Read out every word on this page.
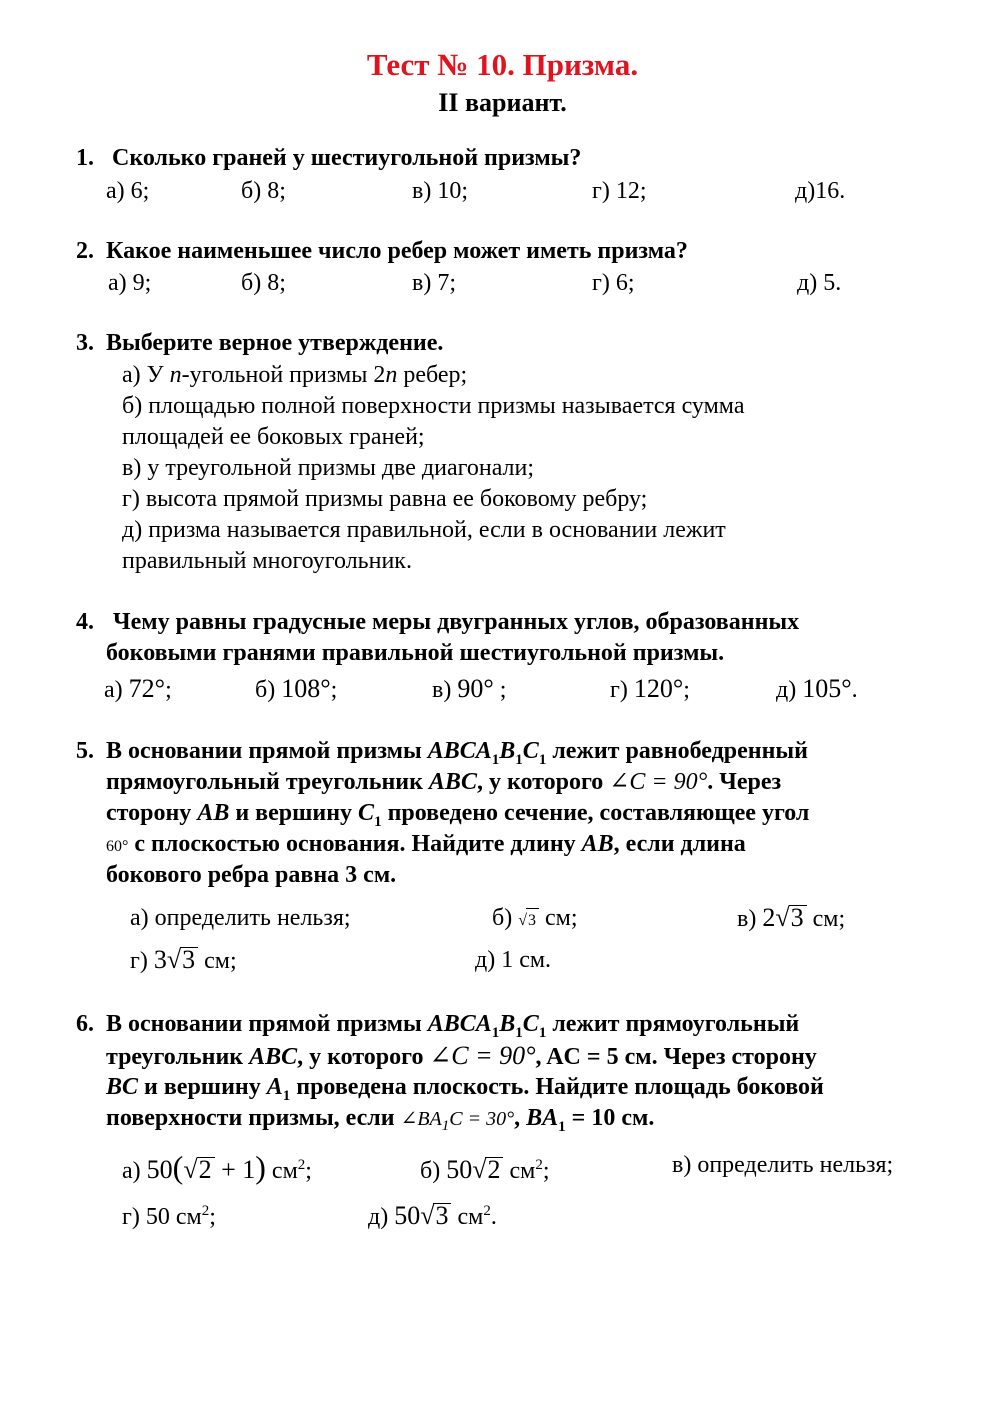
Тест № 10. Призма.
II вариант.
1. Сколько граней у шестиугольной призмы?
а) 6;	б) 8;	в) 10;	г) 12;	д)16.
2. Какое наименьшее число ребер может иметь призма?
а) 9;	б) 8;	в) 7;	г) 6;	д) 5.
3. Выберите верное утверждение.
а) У n-угольной призмы 2n ребер;
б) площадью полной поверхности призмы называется сумма
площадей ее боковых граней;
в) у треугольной призмы две диагонали;
г) высота прямой призмы равна ее боковому ребру;
д) призма называется правильной, если в основании лежит
правильный многоугольник.
4. Чему равны градусные меры двугранных углов, образованных
боковыми гранями правильной шестиугольной призмы.
а) 72°;	б) 108°;	в) 90° ;	г) 120°;	д) 105°.
5. В основании прямой призмы $ABCA_1B_1C_1$ лежит равнобедренный
прямоугольный треугольник ABC, у которого ∠C = 90°. Через
сторону AB и вершину $C_1$ проведено сечение, составляющее угол
60° с плоскостью основания. Найдите длину AB, если длина
бокового ребра равна 3 см.
а) определить нельзя;	б) √3 см;	в) 2√3 см;
г) 3√3 см;	д) 1 см.
6. В основании прямой призмы $ABCA_1B_1C_1$ лежит прямоугольный
треугольник ABC, у которого ∠C = 90°, AC = 5 см. Через сторону
BC и вершину $A_1$ проведена плоскость. Найдите площадь боковой
поверхности призмы, если $\angle BA_1C = 30^\circ$, $BA_1 = 10$ см.
а) 50(√2 + 1) $см^2$;	б) 50√2 $см^2$;	в) определить нельзя;
г) 50 $см^2$;	д) 50√3 $см^2$.
